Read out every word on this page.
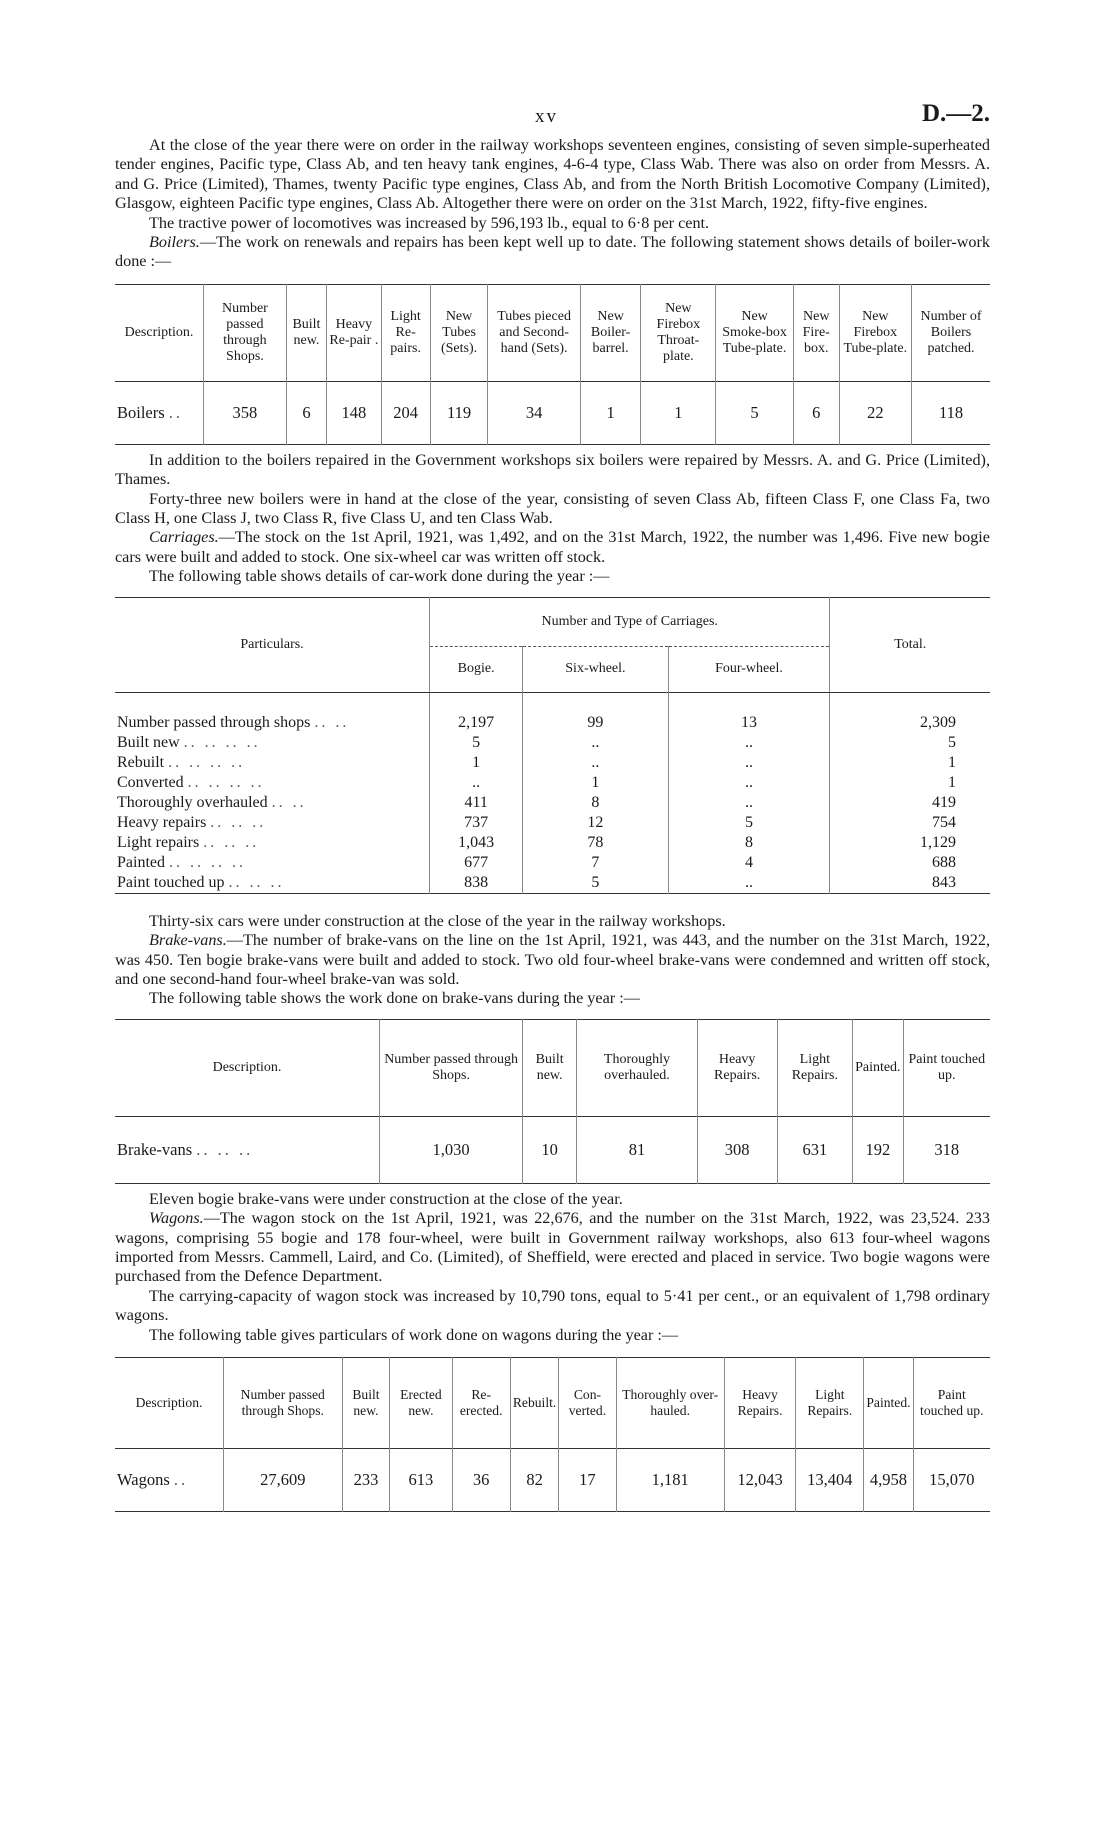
xv	D.—2.

At the close of the year there were on order in the railway workshops seventeen engines, consisting of seven simple-superheated tender engines, Pacific type, Class Ab, and ten heavy tank engines, 4-6-4 type, Class Wab. There was also on order from Messrs. A. and G. Price (Limited), Thames, twenty Pacific type engines, Class Ab, and from the North British Locomotive Company (Limited), Glasgow, eighteen Pacific type engines, Class Ab. Altogether there were on order on the 31st March, 1922, fifty-five engines.

The tractive power of locomotives was increased by 596,193 lb., equal to 6·8 per cent.

Boilers.—The work on renewals and repairs has been kept well up to date. The following statement shows details of boiler-work done :—

Description.	Number passed through Shops.	Built new.	Heavy Re-pair .	Light Re-pairs.	New Tubes (Sets).	Tubes pieced and Second-hand (Sets).	New Boiler-barrel.	New Firebox Throat-plate.	New Smoke-box Tube-plate.	New Fire-box.	New Firebox Tube-plate.	Number of Boilers patched.
Boilers ..	358	6	148	204	119	34	1	1	5	6	22	118

In addition to the boilers repaired in the Government workshops six boilers were repaired by Messrs. A. and G. Price (Limited), Thames.

Forty-three new boilers were in hand at the close of the year, consisting of seven Class Ab, fifteen Class F, one Class Fa, two Class H, one Class J, two Class R, five Class U, and ten Class Wab.

Carriages.—The stock on the 1st April, 1921, was 1,492, and on the 31st March, 1922, the number was 1,496. Five new bogie cars were built and added to stock. One six-wheel car was written off stock.

The following table shows details of car-work done during the year :—

Particulars.	Number and Type of Carriages.			Total.
	Bogie.	Six-wheel.	Four-wheel.	

Number passed through shops .. ..	2,197	99	13	2,309
Built new .. .. .. ..	5	..	..	5
Rebuilt .. .. .. ..	1	..	..	1
Converted .. .. .. ..	..	1	..	1
Thoroughly overhauled .. ..	411	8	..	419
Heavy repairs .. .. ..	737	12	5	754
Light repairs .. .. ..	1,043	78	8	1,129
Painted .. .. .. ..	677	7	4	688
Paint touched up .. .. ..	838	5	..	843

Thirty-six cars were under construction at the close of the year in the railway workshops.

Brake-vans.—The number of brake-vans on the line on the 1st April, 1921, was 443, and the number on the 31st March, 1922, was 450. Ten bogie brake-vans were built and added to stock. Two old four-wheel brake-vans were condemned and written off stock, and one second-hand four-wheel brake-van was sold.

The following table shows the work done on brake-vans during the year :—

Description.	Number passed through Shops.	Built new.	Thoroughly overhauled.	Heavy Repairs.	Light Repairs.	Painted.	Paint touched up.
Brake-vans .. .. ..	1,030	10	81	308	631	192	318

Eleven bogie brake-vans were under construction at the close of the year.

Wagons.—The wagon stock on the 1st April, 1921, was 22,676, and the number on the 31st March, 1922, was 23,524. 233 wagons, comprising 55 bogie and 178 four-wheel, were built in Government railway workshops, also 613 four-wheel wagons imported from Messrs. Cammell, Laird, and Co. (Limited), of Sheffield, were erected and placed in service. Two bogie wagons were purchased from the Defence Department.

The carrying-capacity of wagon stock was increased by 10,790 tons, equal to 5·41 per cent., or an equivalent of 1,798 ordinary wagons.

The following table gives particulars of work done on wagons during the year :—

Description.	Number passed through Shops.	Built new.	Erected new.	Re-erected.	Rebuilt.	Con-verted.	Thoroughly over-hauled.	Heavy Repairs.	Light Repairs.	Painted.	Paint touched up.
Wagons ..	27,609	233	613	36	82	17	1,181	12,043	13,404	4,958	15,070
